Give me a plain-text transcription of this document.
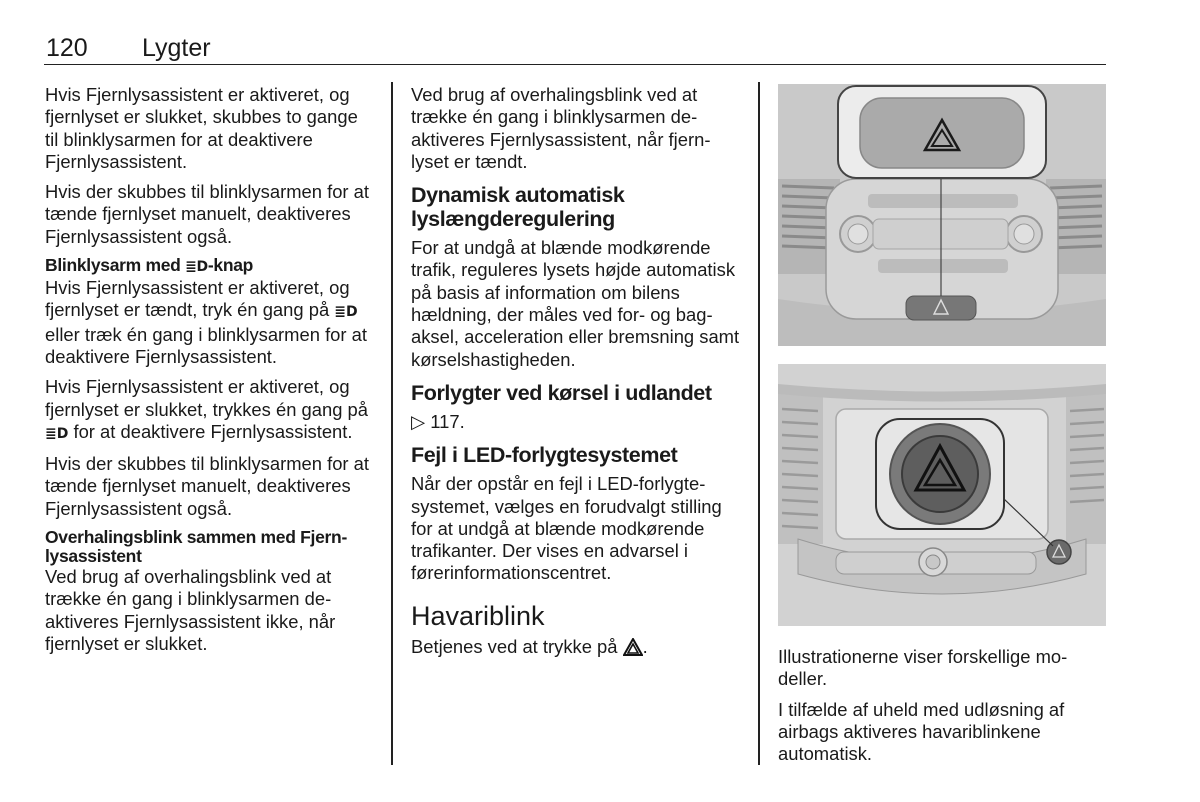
120 Lygter

Hvis Fjernlysassistent er aktiveret, og fjernlyset er slukket, skubbes to gange til blinklysarmen for at deaktivere Fjernlysassistent.

Hvis der skubbes til blinklysarmen for at tænde fjernlyset manuelt, deaktiveres Fjernlysassistent også.

Blinklysarm med ≣D-knap

Hvis Fjernlysassistent er aktiveret, og fjernlyset er tændt, tryk én gang på ≣D eller træk én gang i blinklysarmen for at deaktivere Fjernlysassistent.

Hvis Fjernlysassistent er aktiveret, og fjernlyset er slukket, trykkes én gang på ≣D for at deaktivere Fjernlysassistent.

Hvis der skubbes til blinklysarmen for at tænde fjernlyset manuelt, deaktiveres Fjernlysassistent også.

Overhalingsblink sammen med Fjernlysassistent

Ved brug af overhalingsblink ved at trække én gang i blinklysarmen deaktiveres Fjernlysassistent ikke, når fjernlyset er slukket.

Ved brug af overhalingsblink ved at trække én gang i blinklysarmen deaktiveres Fjernlysassistent, når fjernlyset er tændt.

Dynamisk automatisk lyslængderegulering

For at undgå at blænde modkørende trafik, reguleres lysets højde automatisk på basis af information om bilens hældning, der måles ved for- og bagaksel, acceleration eller bremsning samt kørselshastigheden.

Forlygter ved kørsel i udlandet

▷ 117.

Fejl i LED-forlygtesystemet

Når der opstår en fejl i LED-forlygtesystemet, vælges en forudvalgt stilling for at undgå at blænde modkørende trafikanter. Der vises en advarsel i førerinformationscentret.

Havariblink

Betjenes ved at trykke på .	Illustrationerne viser forskellige modeller.

I tilfælde af uheld med udløsning af airbags aktiveres havariblinkene automatisk.
